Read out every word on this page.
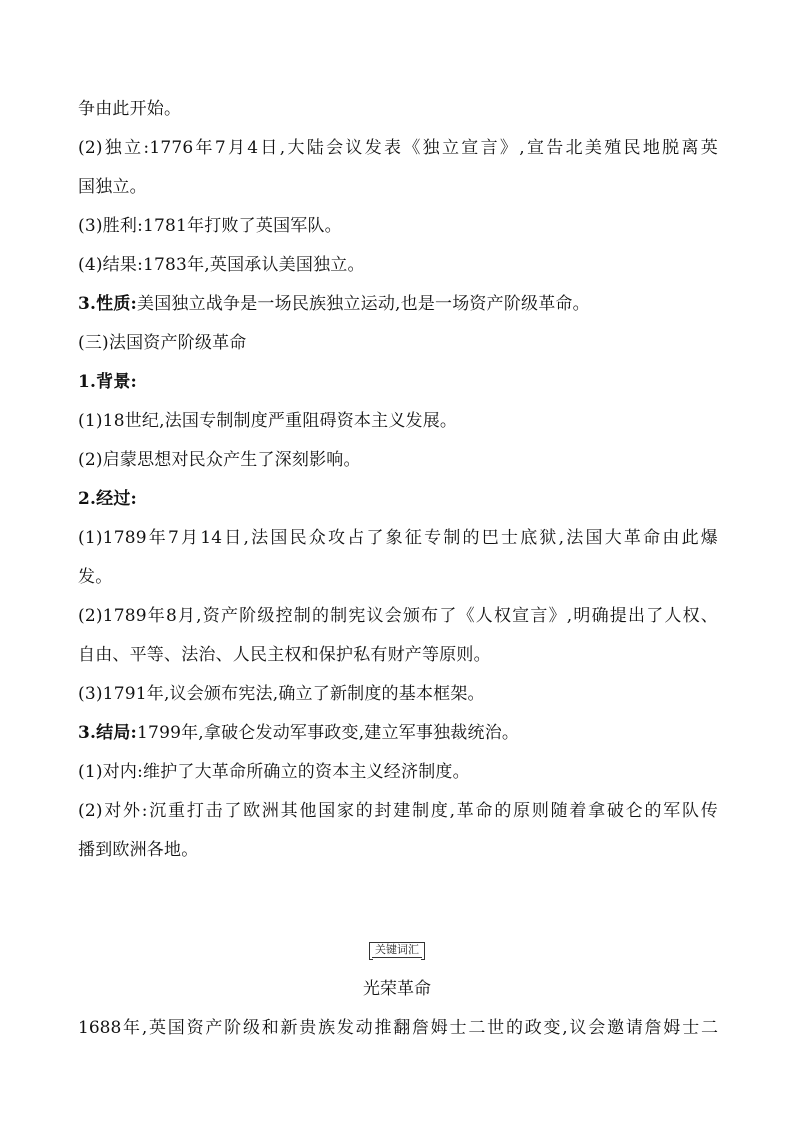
争由此开始。

(2)独立:1776年7月4日,大陆会议发表《独立宣言》,宣告北美殖民地脱离英

国独立。

(3)胜利:1781年打败了英国军队。

(4)结果:1783年,英国承认美国独立。

3.性质:美国独立战争是一场民族独立运动,也是一场资产阶级革命。

(三)法国资产阶级革命

1.背景:

(1)18世纪,法国专制制度严重阻碍资本主义发展。

(2)启蒙思想对民众产生了深刻影响。

2.经过:

(1)1789年7月14日,法国民众攻占了象征专制的巴士底狱,法国大革命由此爆

发。

(2)1789年8月,资产阶级控制的制宪议会颁布了《人权宣言》,明确提出了人权、

自由、平等、法治、人民主权和保护私有财产等原则。

(3)1791年,议会颁布宪法,确立了新制度的基本框架。

3.结局:1799年,拿破仑发动军事政变,建立军事独裁统治。

(1)对内:维护了大革命所确立的资本主义经济制度。

(2)对外:沉重打击了欧洲其他国家的封建制度,革命的原则随着拿破仑的军队传

播到欧洲各地。

关键词汇
光荣革命
1688年,英国资产阶级和新贵族发动推翻詹姆士二世的政变,议会邀请詹姆士二
